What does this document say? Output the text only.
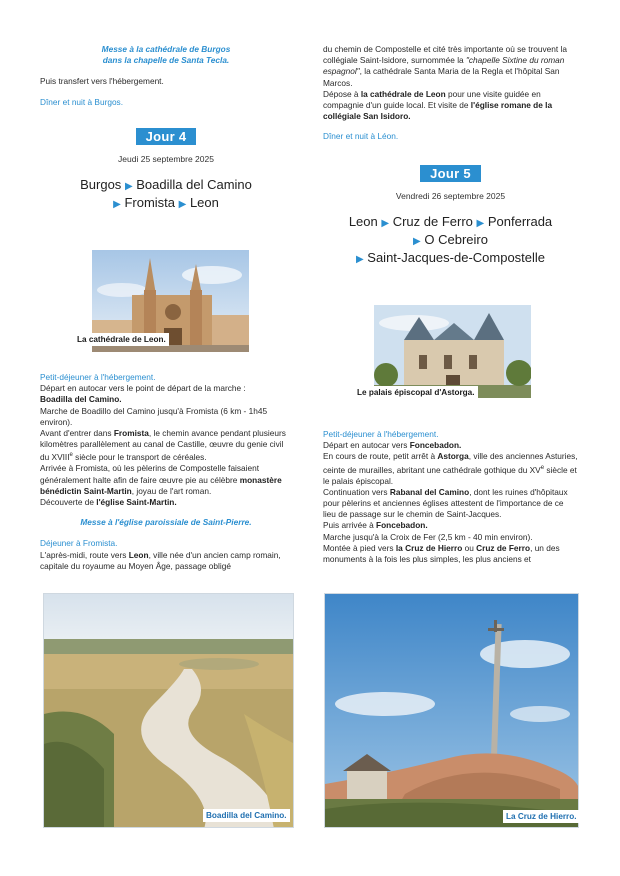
Messe à la cathédrale de Burgos

dans la chapelle de Santa Tecla.

Puis transfert vers l'hébergement.

Dîner et nuit à Burgos.

Jour 4

Jeudi 25 septembre 2025

Burgos ▶ Boadilla del Camino
▶ Fromista ▶ Leon
La cathédrale de Leon.

Petit-déjeuner à l'hébergement.

Départ en autocar vers le point de départ de la marche :

Boadilla del Camino.

Marche de Boadillo del Camino jusqu'à Fromista (6 km - 1h45 environ).

Avant d'entrer dans Fromista, le chemin avance pendant plusieurs kilomètres parallèlement au canal de Castille, œuvre du genie civil du XVIIIe siècle pour le transport de céréales.

Arrivée à Fromista, où les pèlerins de Compostelle faisaient généralement halte afin de faire œuvre pie au célèbre monastère bénédictin Saint-Martin, joyau de l'art roman.

Découverte de l'église Saint-Martin.

Messe à l'église paroissiale de Saint-Pierre.

Déjeuner à Fromista.

L'après-midi, route vers Leon, ville née d'un ancien camp romain, capitale du royaume au Moyen Âge, passage obligé

Boadilla del Camino.

du chemin de Compostelle et cité très importante où se trouvent la collégiale Saint-Isidore, surnommée la "chapelle Sixtine du roman espagnol", la cathédrale Santa Maria de la Regla et l'hôpital San Marcos.

Dépose à la cathédrale de Leon pour une visite guidée en compagnie d'un guide local. Et visite de l'église romane de la collégiale San Isidoro.

Dîner et nuit à Léon.

Jour 5

Vendredi 26 septembre 2025

Leon ▶ Cruz de Ferro ▶ Ponferrada
▶ O Cebreiro
▶ Saint-Jacques-de-Compostelle
Le palais épiscopal d'Astorga.

Petit-déjeuner à l'hébergement.

Départ en autocar vers Foncebadon.

En cours de route, petit arrêt à Astorga, ville des anciennes Asturies, ceinte de murailles, abritant une cathédrale gothique du XVe siècle et le palais épiscopal.

Continuation vers Rabanal del Camino, dont les ruines d'hôpitaux pour pèlerins et anciennes églises attestent de l'importance de ce lieu de passage sur le chemin de Saint-Jacques.

Puis arrivée à Foncebadon.

Marche jusqu'à la Croix de Fer (2,5 km - 40 min environ).

Montée à pied vers la Cruz de Hierro ou Cruz de Ferro, un des monuments à la fois les plus simples, les plus anciens et

La Cruz de Hierro.
